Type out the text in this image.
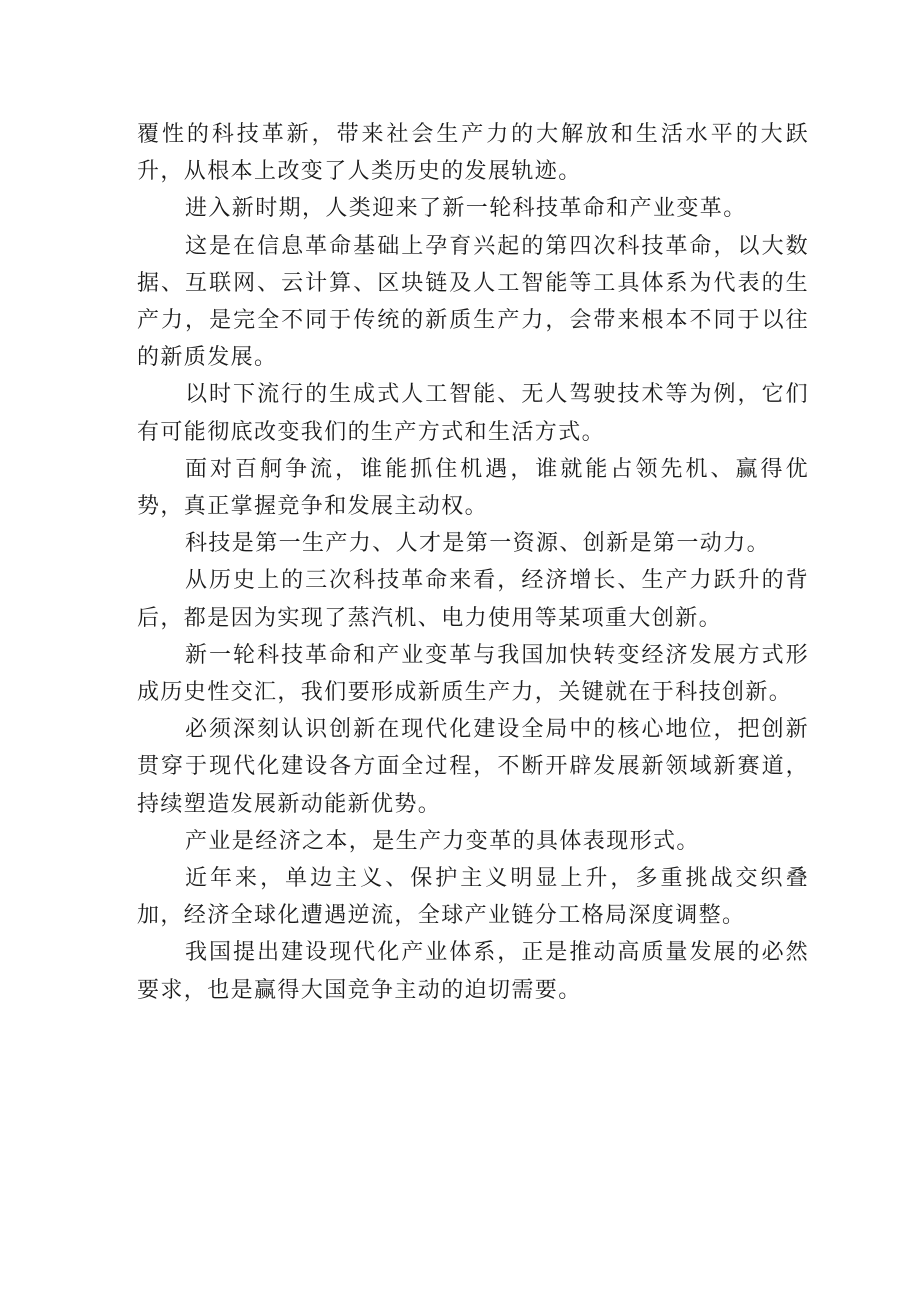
覆性的科技革新，带来社会生产力的大解放和生活水平的大跃升，从根本上改变了人类历史的发展轨迹。

进入新时期，人类迎来了新一轮科技革命和产业变革。

这是在信息革命基础上孕育兴起的第四次科技革命，以大数据、互联网、云计算、区块链及人工智能等工具体系为代表的生产力，是完全不同于传统的新质生产力，会带来根本不同于以往的新质发展。

以时下流行的生成式人工智能、无人驾驶技术等为例，它们有可能彻底改变我们的生产方式和生活方式。

面对百舸争流，谁能抓住机遇，谁就能占领先机、赢得优势，真正掌握竞争和发展主动权。

科技是第一生产力、人才是第一资源、创新是第一动力。

从历史上的三次科技革命来看，经济增长、生产力跃升的背后，都是因为实现了蒸汽机、电力使用等某项重大创新。

新一轮科技革命和产业变革与我国加快转变经济发展方式形成历史性交汇，我们要形成新质生产力，关键就在于科技创新。

必须深刻认识创新在现代化建设全局中的核心地位，把创新贯穿于现代化建设各方面全过程，不断开辟发展新领域新赛道，持续塑造发展新动能新优势。

产业是经济之本，是生产力变革的具体表现形式。

近年来，单边主义、保护主义明显上升，多重挑战交织叠加，经济全球化遭遇逆流，全球产业链分工格局深度调整。

我国提出建设现代化产业体系，正是推动高质量发展的必然要求，也是赢得大国竞争主动的迫切需要。
